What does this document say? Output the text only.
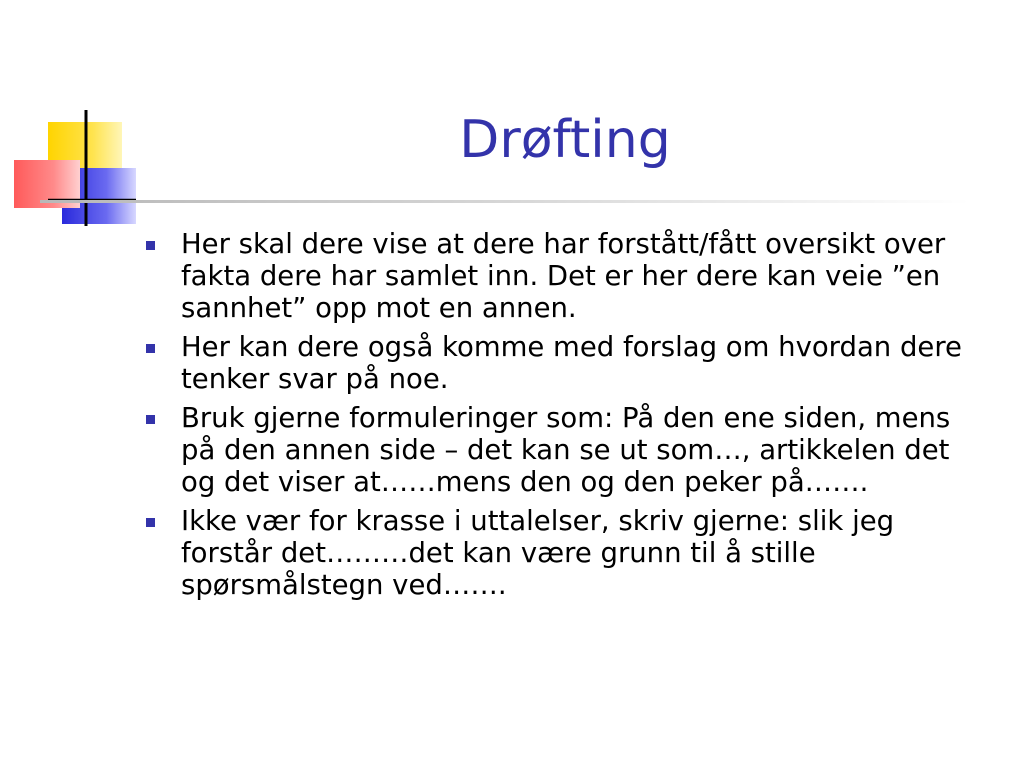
Drøfting
Her skal dere vise at dere har forstått/fått oversikt over fakta dere har samlet inn. Det er her dere kan veie ”en sannhet” opp mot en annen.
Her kan dere også komme med forslag om hvordan dere tenker svar på noe.
Bruk gjerne formuleringer som: På den ene siden, mens på den annen side – det kan se ut som…, artikkelen det og det viser at……mens den og den peker på…….
Ikke vær for krasse i uttalelser, skriv gjerne: slik jeg forstår det………det kan være grunn til å stille spørsmålstegn ved…….
